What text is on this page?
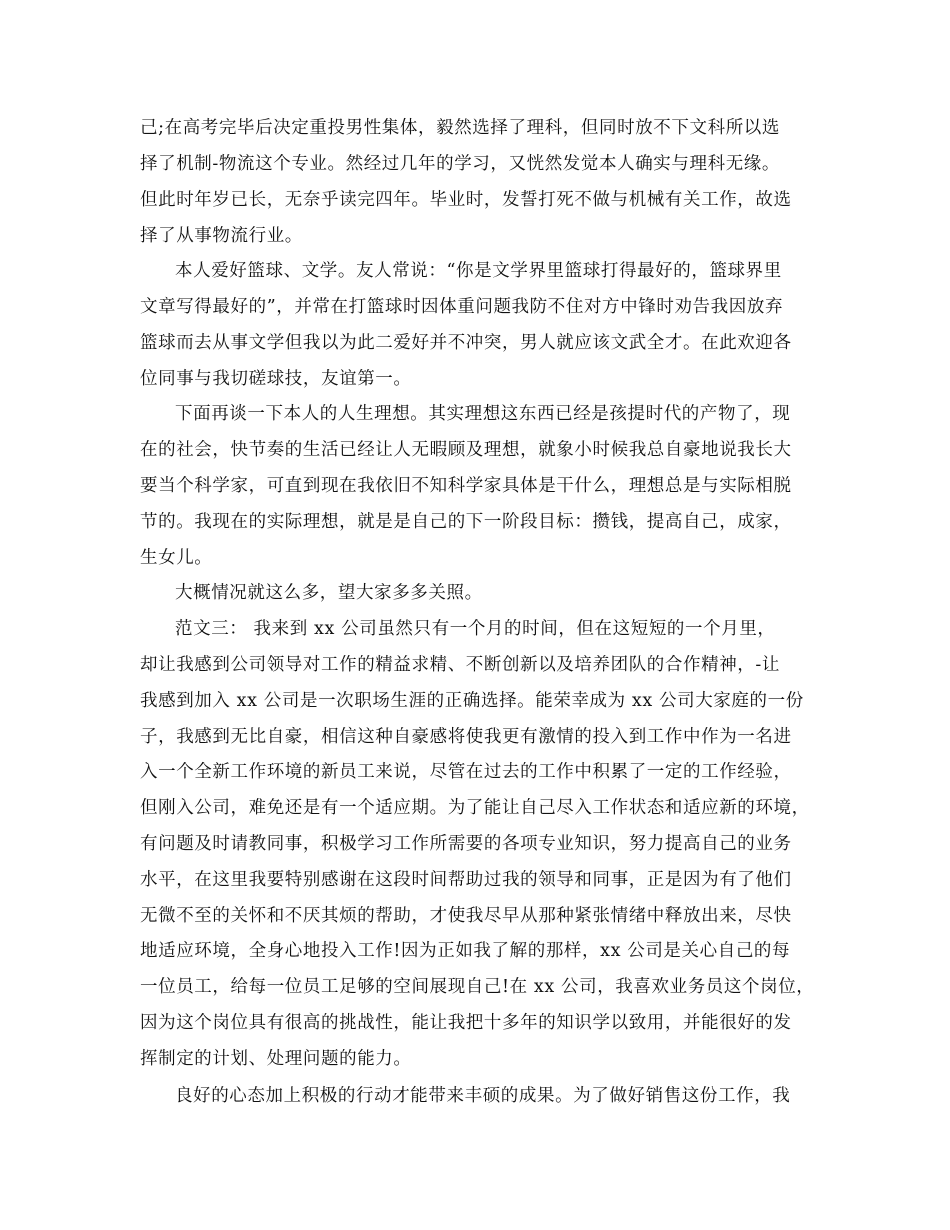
己;在高考完毕后决定重投男性集体，毅然选择了理科，但同时放不下文科所以选
择了机制-物流这个专业。然经过几年的学习，又恍然发觉本人确实与理科无缘。
但此时年岁已长，无奈乎读完四年。毕业时，发誓打死不做与机械有关工作，故选
择了从事物流行业。
本人爱好篮球、文学。友人常说：“你是文学界里篮球打得最好的，篮球界里
文章写得最好的”，并常在打篮球时因体重问题我防不住对方中锋时劝告我因放弃
篮球而去从事文学但我以为此二爱好并不冲突，男人就应该文武全才。在此欢迎各
位同事与我切磋球技，友谊第一。
下面再谈一下本人的人生理想。其实理想这东西已经是孩提时代的产物了，现
在的社会，快节奏的生活已经让人无暇顾及理想，就象小时候我总自豪地说我长大
要当个科学家，可直到现在我依旧不知科学家具体是干什么，理想总是与实际相脱
节的。我现在的实际理想，就是是自己的下一阶段目标：攒钱，提高自己，成家，
生女儿。
大概情况就这么多，望大家多多关照。
范文三： 我来到 xx 公司虽然只有一个月的时间，但在这短短的一个月里，
却让我感到公司领导对工作的精益求精、不断创新以及培养团队的合作精神，-让
我感到加入 xx 公司是一次职场生涯的正确选择。能荣幸成为 xx 公司大家庭的一份
子，我感到无比自豪，相信这种自豪感将使我更有激情的投入到工作中作为一名进
入一个全新工作环境的新员工来说，尽管在过去的工作中积累了一定的工作经验，
但刚入公司，难免还是有一个适应期。为了能让自己尽入工作状态和适应新的环境，
有问题及时请教同事，积极学习工作所需要的各项专业知识，努力提高自己的业务
水平，在这里我要特别感谢在这段时间帮助过我的领导和同事，正是因为有了他们
无微不至的关怀和不厌其烦的帮助，才使我尽早从那种紧张情绪中释放出来，尽快
地适应环境，全身心地投入工作!因为正如我了解的那样，xx 公司是关心自己的每
一位员工，给每一位员工足够的空间展现自己!在 xx 公司，我喜欢业务员这个岗位，
因为这个岗位具有很高的挑战性，能让我把十多年的知识学以致用，并能很好的发
挥制定的计划、处理问题的能力。
良好的心态加上积极的行动才能带来丰硕的成果。为了做好销售这份工作，我
